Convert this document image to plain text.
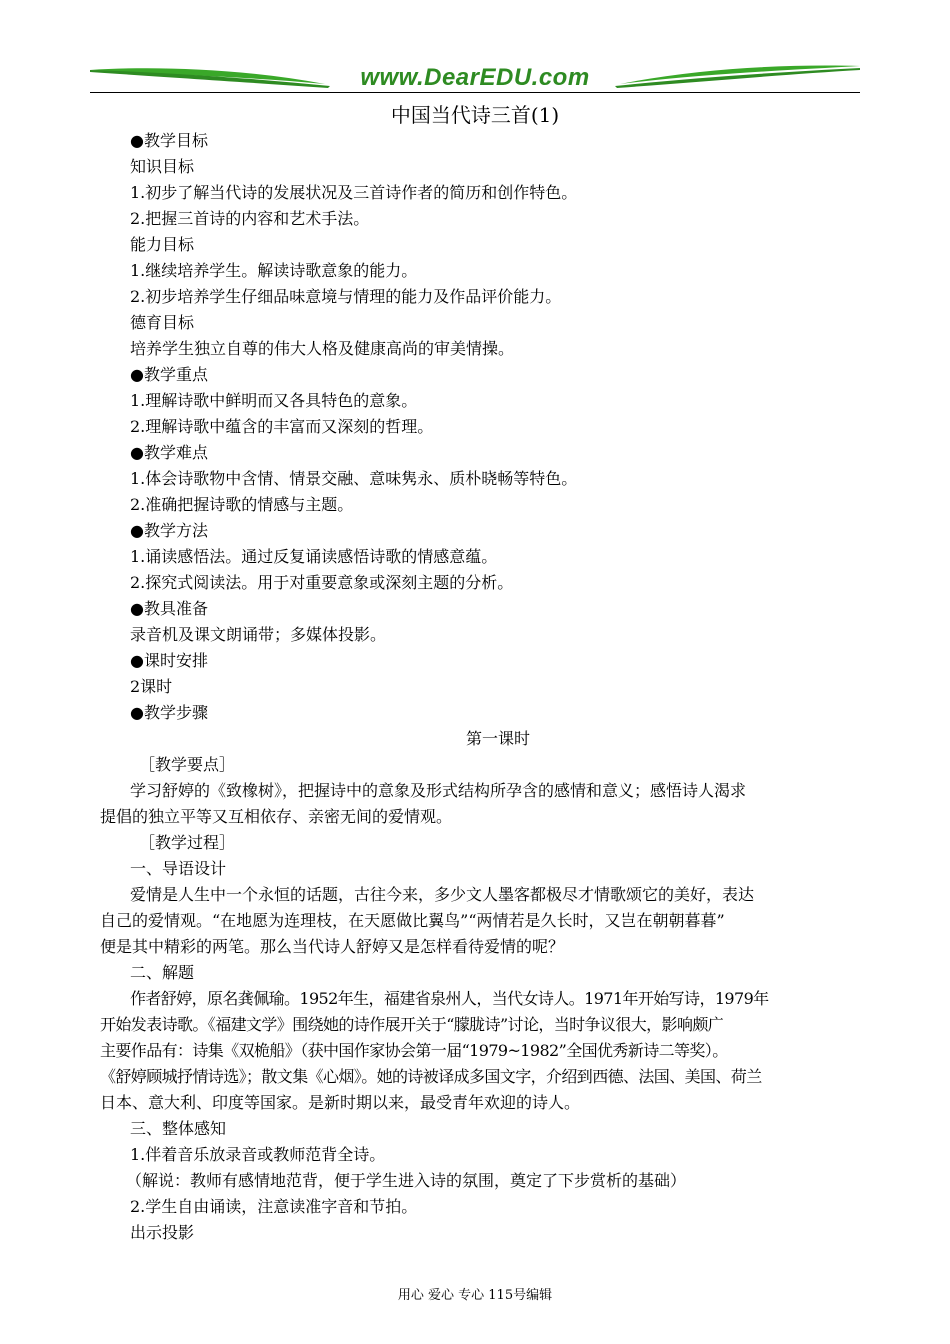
www.DearEDU.com
中国当代诗三首(1)
●教学目标
知识目标
1.初步了解当代诗的发展状况及三首诗作者的简历和创作特色。
2.把握三首诗的内容和艺术手法。
能力目标
1.继续培养学生。解读诗歌意象的能力。
2.初步培养学生仔细品味意境与情理的能力及作品评价能力。
德育目标
培养学生独立自尊的伟大人格及健康高尚的审美情操。
●教学重点
1.理解诗歌中鲜明而又各具特色的意象。
2.理解诗歌中蕴含的丰富而又深刻的哲理。
●教学难点
1.体会诗歌物中含情、情景交融、意味隽永、质朴晓畅等特色。
2.准确把握诗歌的情感与主题。
●教学方法
1.诵读感悟法。通过反复诵读感悟诗歌的情感意蕴。
2.探究式阅读法。用于对重要意象或深刻主题的分析。
●教具准备
录音机及课文朗诵带；多媒体投影。
●课时安排
2课时
●教学步骤
第一课时
［教学要点］
学习舒婷的《致橡树》，把握诗中的意象及形式结构所孕含的感情和意义；感悟诗人渴求
提倡的独立平等又互相依存、亲密无间的爱情观。
［教学过程］
一、导语设计
爱情是人生中一个永恒的话题，古往今来，多少文人墨客都极尽才情歌颂它的美好，表达
自己的爱情观。“在地愿为连理枝，在天愿做比翼鸟”“两情若是久长时，又岂在朝朝暮暮”
便是其中精彩的两笔。那么当代诗人舒婷又是怎样看待爱情的呢？
二、解题
作者舒婷，原名龚佩瑜。1952年生，福建省泉州人，当代女诗人。1971年开始写诗，1979年
开始发表诗歌。《福建文学》围绕她的诗作展开关于“朦胧诗”讨论，当时争议很大，影响颇广
主要作品有：诗集《双桅船》（获中国作家协会第一届“1979~1982”全国优秀新诗二等奖）。
《舒婷顾城抒情诗选》；散文集《心烟》。她的诗被译成多国文字，介绍到西德、法国、美国、荷兰
日本、意大利、印度等国家。是新时期以来，最受青年欢迎的诗人。
三、整体感知
1.伴着音乐放录音或教师范背全诗。
（解说：教师有感情地范背，便于学生进入诗的氛围，奠定了下步赏析的基础）
2.学生自由诵读，注意读准字音和节拍。
出示投影
用心 爱心 专心 115号编辑
